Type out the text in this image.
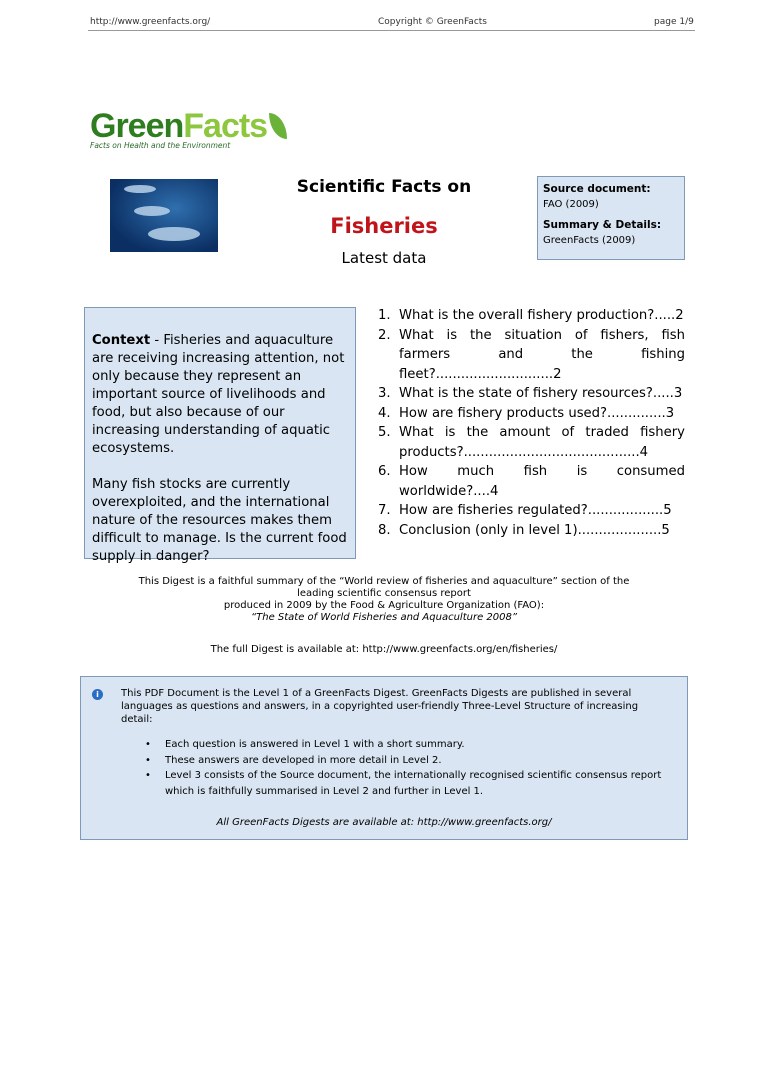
http://www.greenfacts.org/	Copyright © GreenFacts	page 1/9
GreenFacts
Facts on Health and the Environment
Scientific Facts on
Fisheries
Latest data
Source document:
FAO (2009)
Summary & Details:
GreenFacts (2009)

Context - Fisheries and aquaculture are receiving increasing attention, not only because they represent an important source of livelihoods and food, but also because of our increasing understanding of aquatic ecosystems.

Many fish stocks are currently overexploited, and the international nature of the resources makes them difficult to manage. Is the current food supply in danger?

1. What is the overall fishery production?.....2
2. What is the situation of fishers, fish farmers and the fishing fleet?............................2
3. What is the state of fishery resources?.....3
4. How are fishery products used?..............3
5. What is the amount of traded fishery products?..........................................4
6. How much fish is consumed worldwide?....4
7. How are fisheries regulated?..................5
8. Conclusion (only in level 1)....................5
This Digest is a faithful summary of the “World review of fisheries and aquaculture” section of the leading scientific consensus report
produced in 2009 by the Food & Agriculture Organization (FAO):
“The State of World Fisheries and Aquaculture 2008”
The full Digest is available at: http://www.greenfacts.org/en/fisheries/
i	This PDF Document is the Level 1 of a GreenFacts Digest. GreenFacts Digests are published in several languages as questions and answers, in a copyrighted user-friendly Three-Level Structure of increasing detail:
• Each question is answered in Level 1 with a short summary.
• These answers are developed in more detail in Level 2.
• Level 3 consists of the Source document, the internationally recognised scientific consensus report which is faithfully summarised in Level 2 and further in Level 1.
All GreenFacts Digests are available at: http://www.greenfacts.org/
